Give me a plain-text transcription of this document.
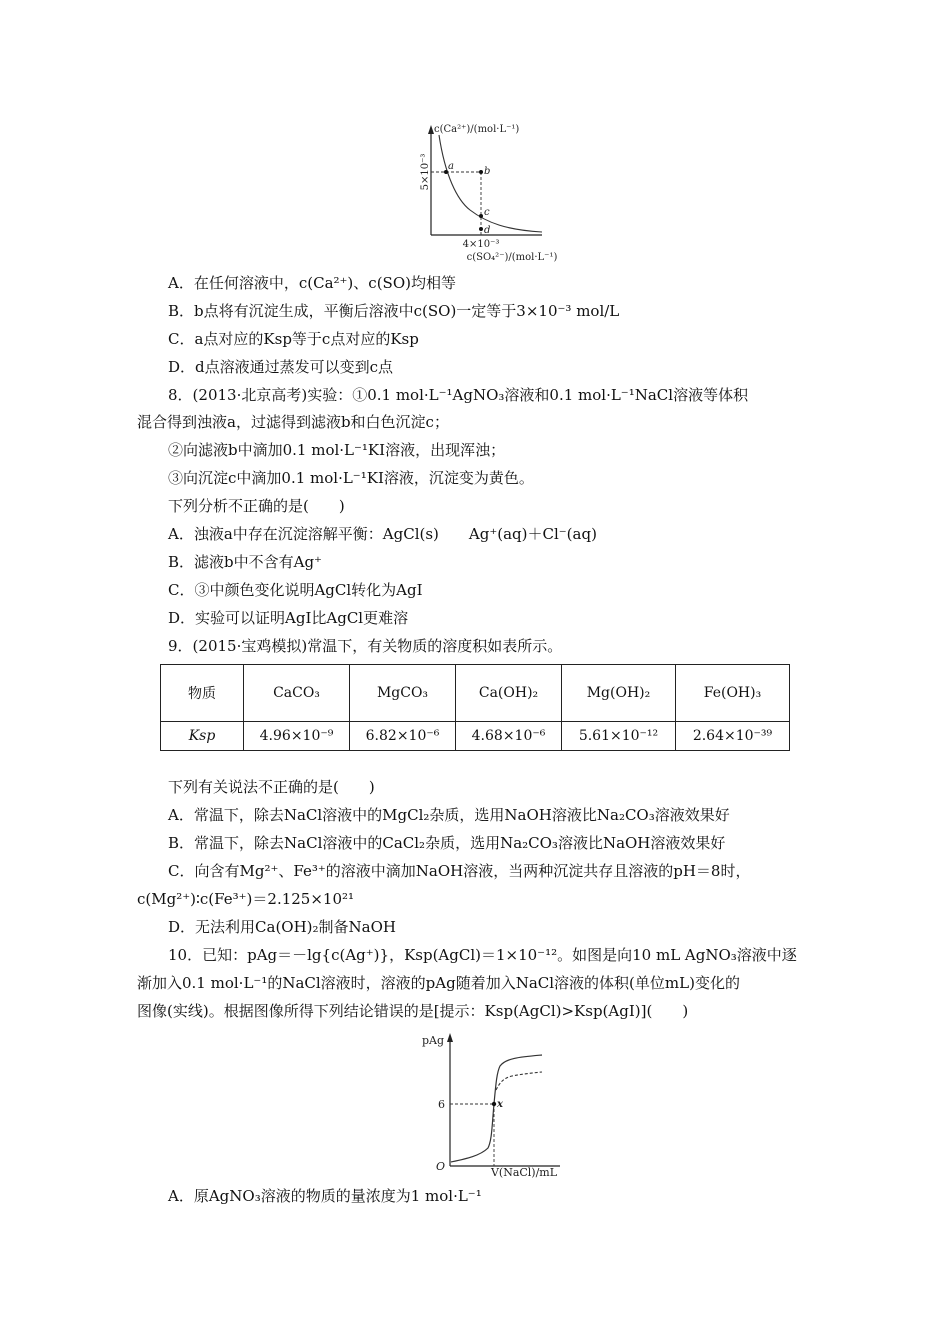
c(Ca²⁺)/(mol·L⁻¹)
5×10⁻³ a	b
c
d
4×10⁻³
c(SO₄²⁻)/(mol·L⁻¹)
A．在任何溶液中，c(Ca²⁺)、c(SO)均相等
B．b点将有沉淀生成，平衡后溶液中c(SO)一定等于3×10⁻³ mol/L
C．a点对应的Ksp等于c点对应的Ksp
D．d点溶液通过蒸发可以变到c点
8．(2013·北京高考)实验：①0.1 mol·L⁻¹AgNO₃溶液和0.1 mol·L⁻¹NaCl溶液等体积
混合得到浊液a，过滤得到滤液b和白色沉淀c；
②向滤液b中滴加0.1 mol·L⁻¹KI溶液，出现浑浊；
③向沉淀c中滴加0.1 mol·L⁻¹KI溶液，沉淀变为黄色。
下列分析不正确的是(　　)
A．浊液a中存在沉淀溶解平衡：AgCl(s)　　Ag⁺(aq)＋Cl⁻(aq)
B．滤液b中不含有Ag⁺
C．③中颜色变化说明AgCl转化为AgI
D．实验可以证明AgI比AgCl更难溶
9．(2015·宝鸡模拟)常温下，有关物质的溶度积如表所示。
物质	CaCO₃	MgCO₃	Ca(OH)₂	Mg(OH)₂	Fe(OH)₃
Ksp	4.96×10⁻⁹	6.82×10⁻⁶	4.68×10⁻⁶	5.61×10⁻¹²	2.64×10⁻³⁹
下列有关说法不正确的是(　　)
A．常温下，除去NaCl溶液中的MgCl₂杂质，选用NaOH溶液比Na₂CO₃溶液效果好
B．常温下，除去NaCl溶液中的CaCl₂杂质，选用Na₂CO₃溶液比NaOH溶液效果好
C．向含有Mg²⁺、Fe³⁺的溶液中滴加NaOH溶液，当两种沉淀共存且溶液的pH＝8时，
c(Mg²⁺)∶c(Fe³⁺)＝2.125×10²¹
D．无法利用Ca(OH)₂制备NaOH
10．已知：pAg＝－lg{c(Ag⁺)}，Ksp(AgCl)＝1×10⁻¹²。如图是向10 mL AgNO₃溶液中逐
渐加入0.1 mol·L⁻¹的NaCl溶液时，溶液的pAg随着加入NaCl溶液的体积(单位mL)变化的
图像(实线)。根据图像所得下列结论错误的是[提示：Ksp(AgCl)>Ksp(AgI)](　　)
pAg
6
O
x
V(NaCl)/mL
A．原AgNO₃溶液的物质的量浓度为1 mol·L⁻¹
